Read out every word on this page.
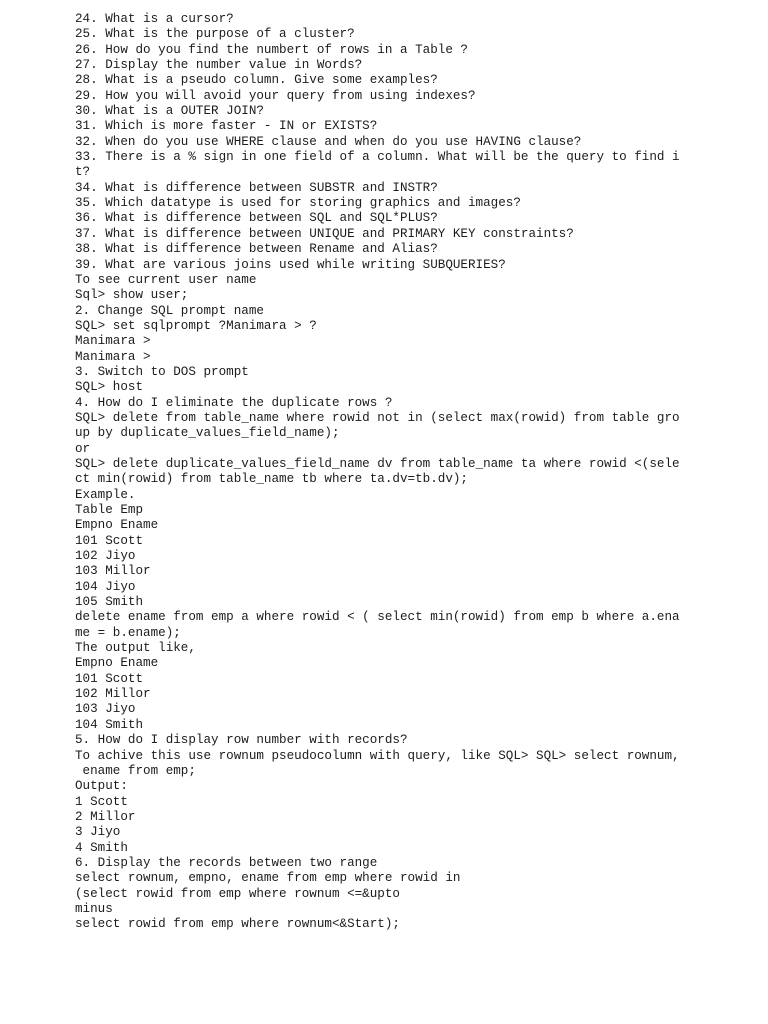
24. What is a cursor?
25. What is the purpose of a cluster?
26. How do you find the numbert of rows in a Table ?
27. Display the number value in Words?
28. What is a pseudo column. Give some examples?
29. How you will avoid your query from using indexes?
30. What is a OUTER JOIN?
31. Which is more faster - IN or EXISTS?
32. When do you use WHERE clause and when do you use HAVING clause?
33. There is a % sign in one field of a column. What will be the query to find i
t?
34. What is difference between SUBSTR and INSTR?
35. Which datatype is used for storing graphics and images?
36. What is difference between SQL and SQL*PLUS?
37. What is difference between UNIQUE and PRIMARY KEY constraints?
38. What is difference between Rename and Alias?
39. What are various joins used while writing SUBQUERIES?
To see current user name
Sql> show user;
2. Change SQL prompt name
SQL> set sqlprompt ?Manimara > ?
Manimara >
Manimara >
3. Switch to DOS prompt
SQL> host
4. How do I eliminate the duplicate rows ?
SQL> delete from table_name where rowid not in (select max(rowid) from table gro
up by duplicate_values_field_name);
or
SQL> delete duplicate_values_field_name dv from table_name ta where rowid <(sele
ct min(rowid) from table_name tb where ta.dv=tb.dv);
Example.
Table Emp
Empno Ename
101 Scott
102 Jiyo
103 Millor
104 Jiyo
105 Smith
delete ename from emp a where rowid < ( select min(rowid) from emp b where a.ena
me = b.ename);
The output like,
Empno Ename
101 Scott
102 Millor
103 Jiyo
104 Smith
5. How do I display row number with records?
To achive this use rownum pseudocolumn with query, like SQL> SQL> select rownum,
ename from emp;
Output:
1 Scott
2 Millor
3 Jiyo
4 Smith
6. Display the records between two range
select rownum, empno, ename from emp where rowid in
(select rowid from emp where rownum <=&upto
minus
select rowid from emp where rownum<&Start);
